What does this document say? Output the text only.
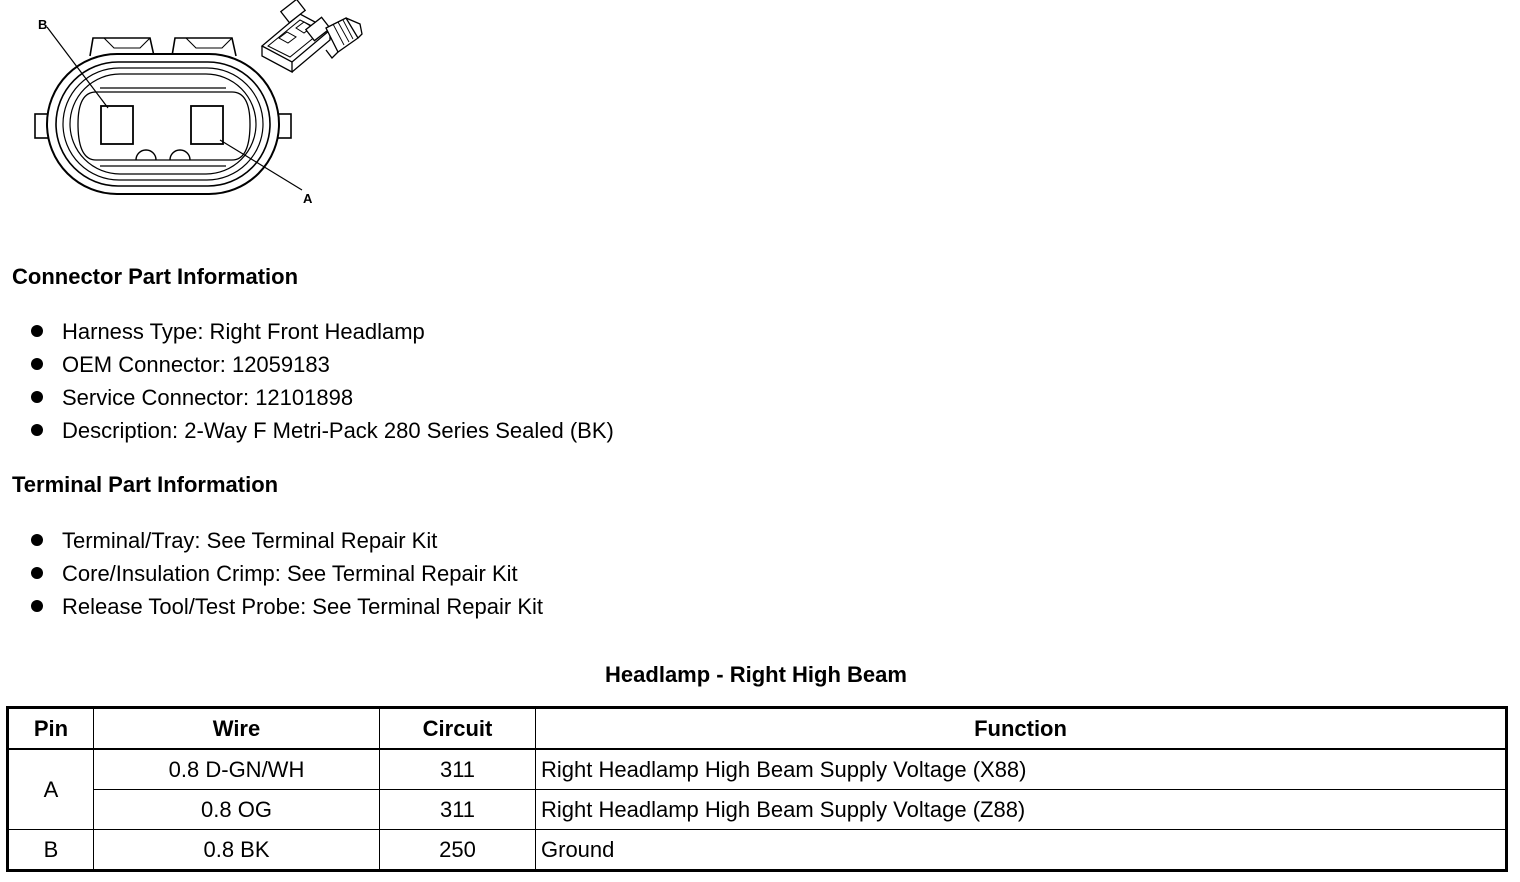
B
A
Connector Part Information
Harness Type: Right Front Headlamp
OEM Connector: 12059183
Service Connector: 12101898
Description: 2-Way F Metri-Pack 280 Series Sealed (BK)
Terminal Part Information
Terminal/Tray: See Terminal Repair Kit
Core/Insulation Crimp: See Terminal Repair Kit
Release Tool/Test Probe: See Terminal Repair Kit
Headlamp - Right High Beam
Pin	Wire	Circuit	Function
A	0.8 D-GN/WH	311	Right Headlamp High Beam Supply Voltage (X88)
	0.8 OG	311	Right Headlamp High Beam Supply Voltage (Z88)
B	0.8 BK	250	Ground
